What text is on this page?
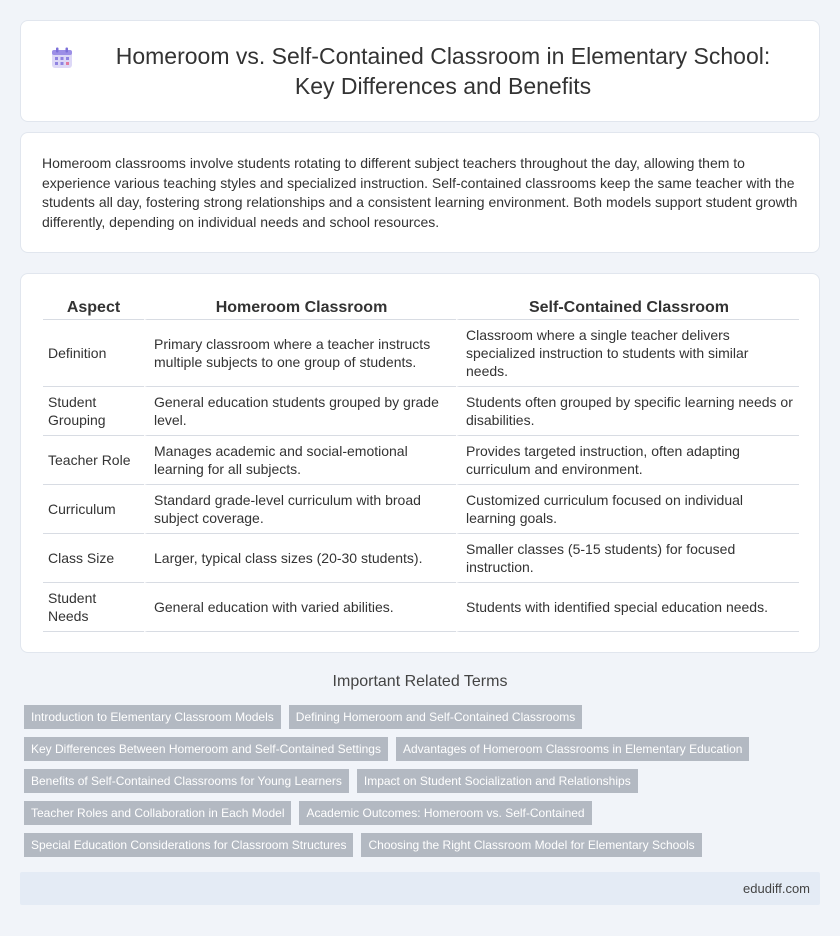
Homeroom vs. Self-Contained Classroom in Elementary School: Key Differences and Benefits

Homeroom classrooms involve students rotating to different subject teachers throughout the day, allowing them to experience various teaching styles and specialized instruction. Self-contained classrooms keep the same teacher with the students all day, fostering strong relationships and a consistent learning environment. Both models support student growth differently, depending on individual needs and school resources.

Aspect	Homeroom Classroom	Self-Contained Classroom
Definition	Primary classroom where a teacher instructs multiple subjects to one group of students.	Classroom where a single teacher delivers specialized instruction to students with similar needs.
Student Grouping	General education students grouped by grade level.	Students often grouped by specific learning needs or disabilities.
Teacher Role	Manages academic and social-emotional learning for all subjects.	Provides targeted instruction, often adapting curriculum and environment.
Curriculum	Standard grade-level curriculum with broad subject coverage.	Customized curriculum focused on individual learning goals.
Class Size	Larger, typical class sizes (20-30 students).	Smaller classes (5-15 students) for focused instruction.
Student Needs	General education with varied abilities.	Students with identified special education needs.
Important Related Terms
Introduction to Elementary Classroom Models	Defining Homeroom and Self-Contained Classrooms
Key Differences Between Homeroom and Self-Contained Settings	Advantages of Homeroom Classrooms in Elementary Education
Benefits of Self-Contained Classrooms for Young Learners	Impact on Student Socialization and Relationships
Teacher Roles and Collaboration in Each Model	Academic Outcomes: Homeroom vs. Self-Contained
Special Education Considerations for Classroom Structures	Choosing the Right Classroom Model for Elementary Schools
edudiff.com
